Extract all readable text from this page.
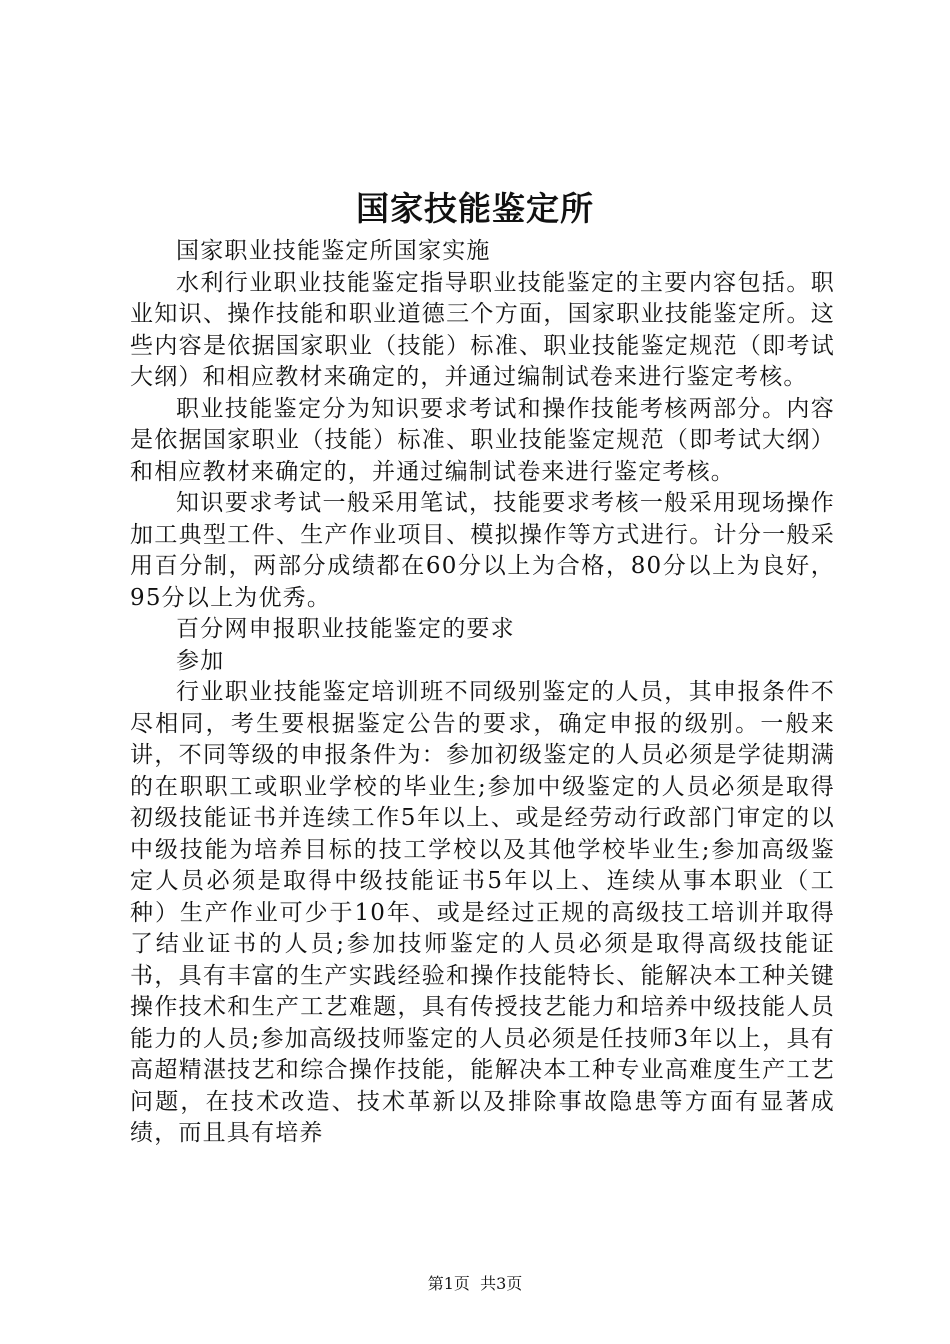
国家技能鉴定所

国家职业技能鉴定所国家实施

水利行业职业技能鉴定指导职业技能鉴定的主要内容包括。职业知识、操作技能和职业道德三个方面，国家职业技能鉴定所。这些内容是依据国家职业（技能）标准、职业技能鉴定规范（即考试大纲）和相应教材来确定的，并通过编制试卷来进行鉴定考核。

职业技能鉴定分为知识要求考试和操作技能考核两部分。内容是依据国家职业（技能）标准、职业技能鉴定规范（即考试大纲）和相应教材来确定的，并通过编制试卷来进行鉴定考核。

知识要求考试一般采用笔试，技能要求考核一般采用现场操作加工典型工件、生产作业项目、模拟操作等方式进行。计分一般采用百分制，两部分成绩都在60分以上为合格，80分以上为良好，95分以上为优秀。

百分网申报职业技能鉴定的要求

参加

行业职业技能鉴定培训班不同级别鉴定的人员，其申报条件不尽相同，考生要根据鉴定公告的要求，确定申报的级别。一般来讲，不同等级的申报条件为：参加初级鉴定的人员必须是学徒期满的在职职工或职业学校的毕业生;参加中级鉴定的人员必须是取得初级技能证书并连续工作5年以上、或是经劳动行政部门审定的以中级技能为培养目标的技工学校以及其他学校毕业生;参加高级鉴定人员必须是取得中级技能证书5年以上、连续从事本职业（工种）生产作业可少于10年、或是经过正规的高级技工培训并取得了结业证书的人员;参加技师鉴定的人员必须是取得高级技能证书，具有丰富的生产实践经验和操作技能特长、能解决本工种关键操作技术和生产工艺难题，具有传授技艺能力和培养中级技能人员能力的人员;参加高级技师鉴定的人员必须是任技师3年以上，具有高超精湛技艺和综合操作技能，能解决本工种专业高难度生产工艺问题，在技术改造、技术革新以及排除事故隐患等方面有显著成绩，而且具有培养

第1页  共3页
